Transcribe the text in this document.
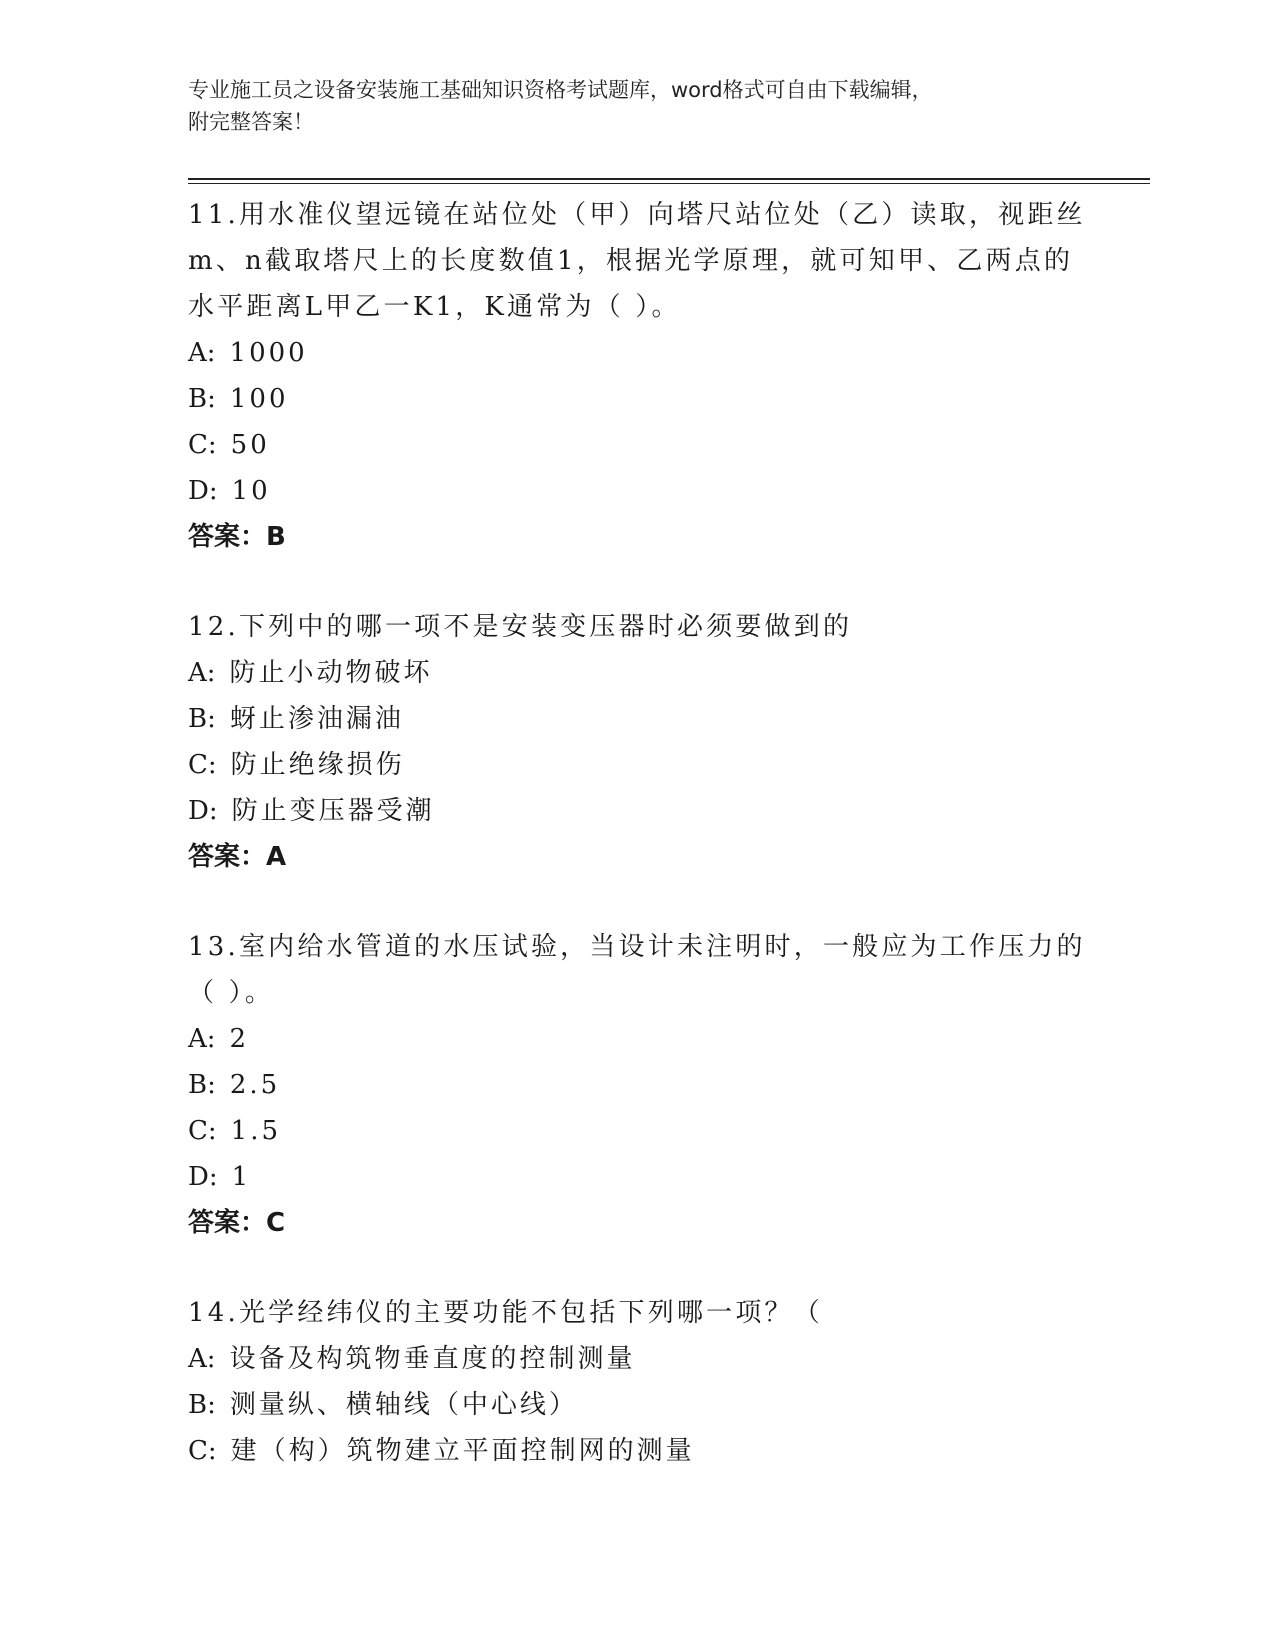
专业施工员之设备安装施工基础知识资格考试题库，word格式可自由下载编辑，
附完整答案！
11.用水准仪望远镜在站位处（甲）向塔尺站位处（乙）读取，视距丝
m、n截取塔尺上的长度数值1，根据光学原理，就可知甲、乙两点的
水平距离L甲乙一K1，K通常为（ ）。
A: 1000
B: 100
C: 50
D: 10
答案：B
12.下列中的哪一项不是安装变压器时必须要做到的
A: 防止小动物破坏
B: 蚜止渗油漏油
C: 防止绝缘损伤
D: 防止变压器受潮
答案：A
13.室内给水管道的水压试验，当设计未注明时，一般应为工作压力的
（ ）。
A: 2
B: 2.5
C: 1.5
D: 1
答案：C
14.光学经纬仪的主要功能不包括下列哪一项？（
A: 设备及构筑物垂直度的控制测量
B: 测量纵、横轴线（中心线）
C: 建（构）筑物建立平面控制网的测量
